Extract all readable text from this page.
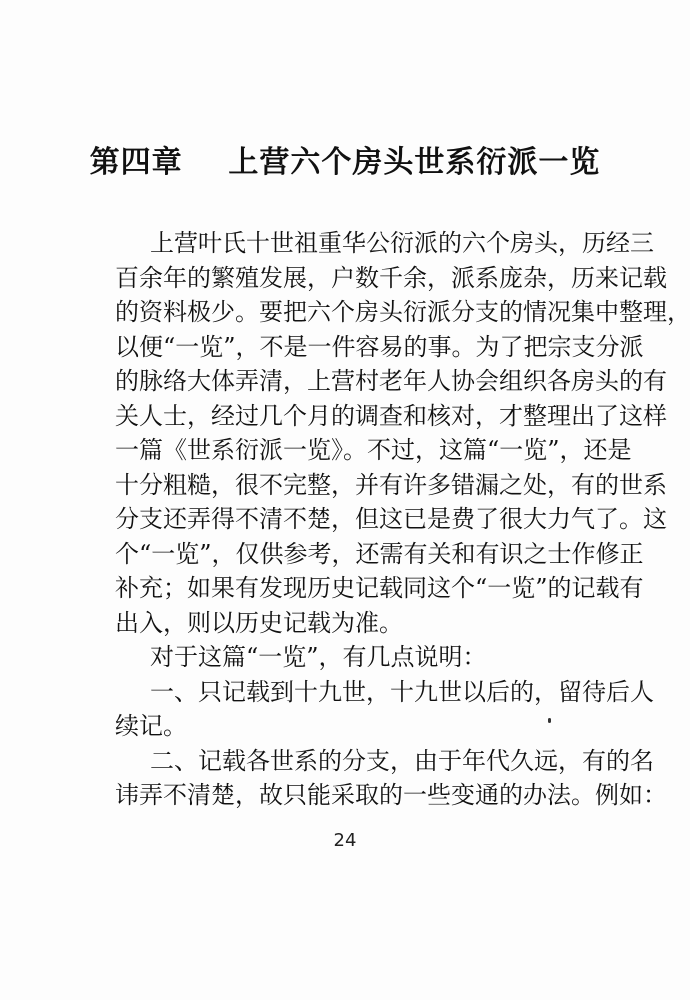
第四章    上营六个房头世系衍派一览
上营叶氏十世祖重华公衍派的六个房头，历经三
百余年的繁殖发展，户数千余，派系庞杂，历来记载
的资料极少。要把六个房头衍派分支的情况集中整理，
以便“一览”，不是一件容易的事。为了把宗支分派
的脉络大体弄清，上营村老年人协会组织各房头的有
关人士，经过几个月的调查和核对，才整理出了这样
一篇《世系衍派一览》。不过，这篇“一览”，还是
十分粗糙，很不完整，并有许多错漏之处，有的世系
分支还弄得不清不楚，但这已是费了很大力气了。这
个“一览”，仅供参考，还需有关和有识之士作修正
补充；如果有发现历史记载同这个“一览”的记载有
出入，则以历史记载为准。
对于这篇“一览”，有几点说明：
一、只记载到十九世，十九世以后的，留待后人
续记。
二、记载各世系的分支，由于年代久远，有的名
讳弄不清楚，故只能采取的一些变通的办法。例如：
24
